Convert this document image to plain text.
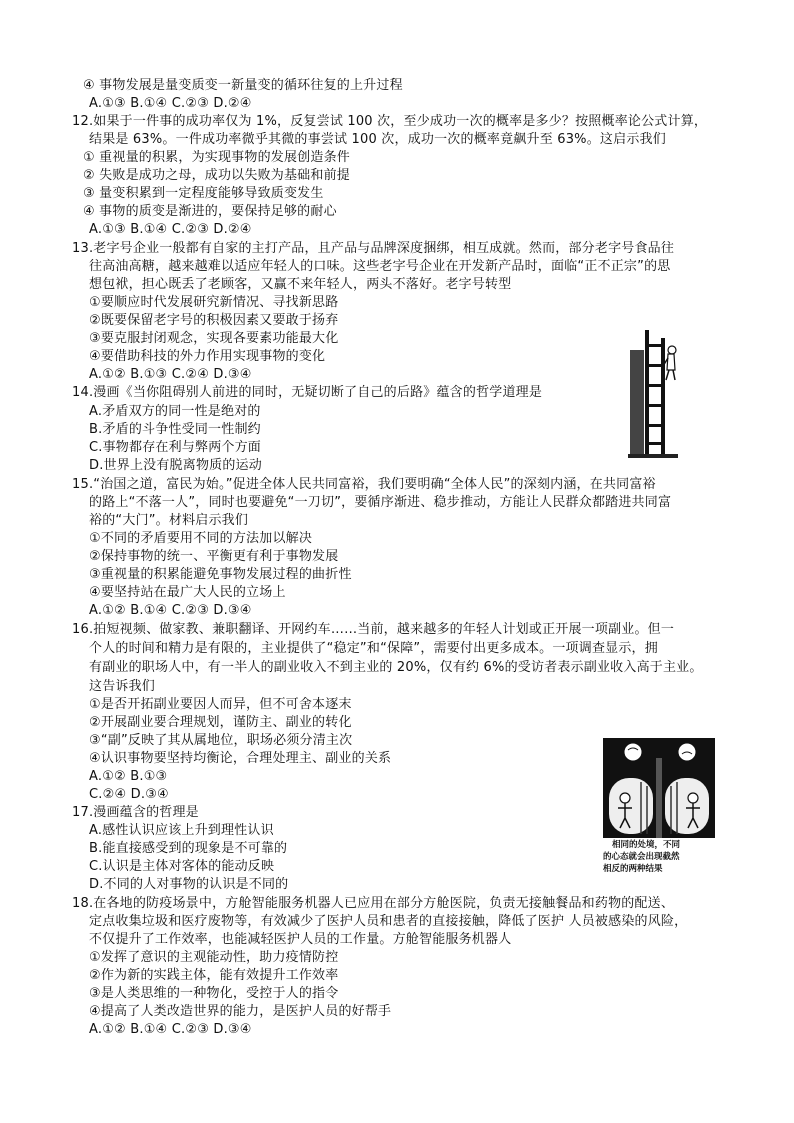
④ 事物发展是量变质变一新量变的循环往复的上升过程
A.①③ B.①④ C.②③ D.②④
12.如果于一件事的成功率仅为 1%，反复尝试 100 次，至少成功一次的概率是多少？按照概率论公式计算，
结果是 63%。一件成功率微乎其微的事尝试 100 次，成功一次的概率竟飙升至 63%。这启示我们
① 重视量的积累，为实现事物的发展创造条件
② 失败是成功之母，成功以失败为基础和前提
③ 量变积累到一定程度能够导致质变发生
④ 事物的质变是渐进的，要保持足够的耐心
A.①③ B.①④ C.②③ D.②④
13.老字号企业一般都有自家的主打产品，且产品与品牌深度捆绑，相互成就。然而，部分老字号食品往
往高油高糖，越来越难以适应年轻人的口味。这些老字号企业在开发新产品时，面临“正不正宗”的思
想包袱，担心既丢了老顾客，又赢不来年轻人，两头不落好。老字号转型
①要顺应时代发展研究新情况、寻找新思路
②既要保留老字号的积极因素又要敢于扬弃
③要克服封闭观念，实现各要素功能最大化
④要借助科技的外力作用实现事物的变化
A.①② B.①③ C.②④ D.③④
14.漫画《当你阻碍别人前进的同时，无疑切断了自己的后路》蕴含的哲学道理是
A.矛盾双方的同一性是绝对的
B.矛盾的斗争性受同一性制约
C.事物都存在利与弊两个方面
D.世界上没有脱离物质的运动
15.“治国之道，富民为始。”促进全体人民共同富裕，我们要明确“全体人民”的深刻内涵，在共同富裕
的路上“不落一人”，同时也要避免“一刀切”，要循序渐进、稳步推动，方能让人民群众都踏进共同富
裕的“大门”。材料启示我们
①不同的矛盾要用不同的方法加以解决
②保持事物的统一、平衡更有利于事物发展
③重视量的积累能避免事物发展过程的曲折性
④要坚持站在最广大人民的立场上
A.①② B.①④ C.②③ D.③④
16.拍短视频、做家教、兼职翻译、开网约车……当前，越来越多的年轻人计划或正开展一项副业。但一
个人的时间和精力是有限的，主业提供了“稳定”和“保障”，需要付出更多成本。一项调查显示，拥
有副业的职场人中，有一半人的副业收入不到主业的 20%，仅有约 6%的受访者表示副业收入高于主业。
这告诉我们
①是否开拓副业要因人而异，但不可舍本逐末
②开展副业要合理规划，谨防主、副业的转化
③“副”反映了其从属地位，职场必须分清主次
④认识事物要坚持均衡论，合理处理主、副业的关系
A.①② B.①③
C.②④ D.③④
17.漫画蕴含的哲理是
A.感性认识应该上升到理性认识
B.能直接感受到的现象是不可靠的
C.认识是主体对客体的能动反映
D.不同的人对事物的认识是不同的
18.在各地的防疫场景中，方舱智能服务机器人已应用在部分方舱医院，负责无接触餐品和药物的配送、
定点收集垃圾和医疗废物等，有效减少了医护人员和患者的直接接触，降低了医护 人员被感染的风险，
不仅提升了工作效率，也能减轻医护人员的工作量。方舱智能服务机器人
①发挥了意识的主观能动性，助力疫情防控
②作为新的实践主体，能有效提升工作效率
③是人类思维的一种物化，受控于人的指令
④提高了人类改造世界的能力，是医护人员的好帮手
A.①② B.①④ C.②③ D.③④
相同的处境，不同
的心态就会出现截然
相反的两种结果
